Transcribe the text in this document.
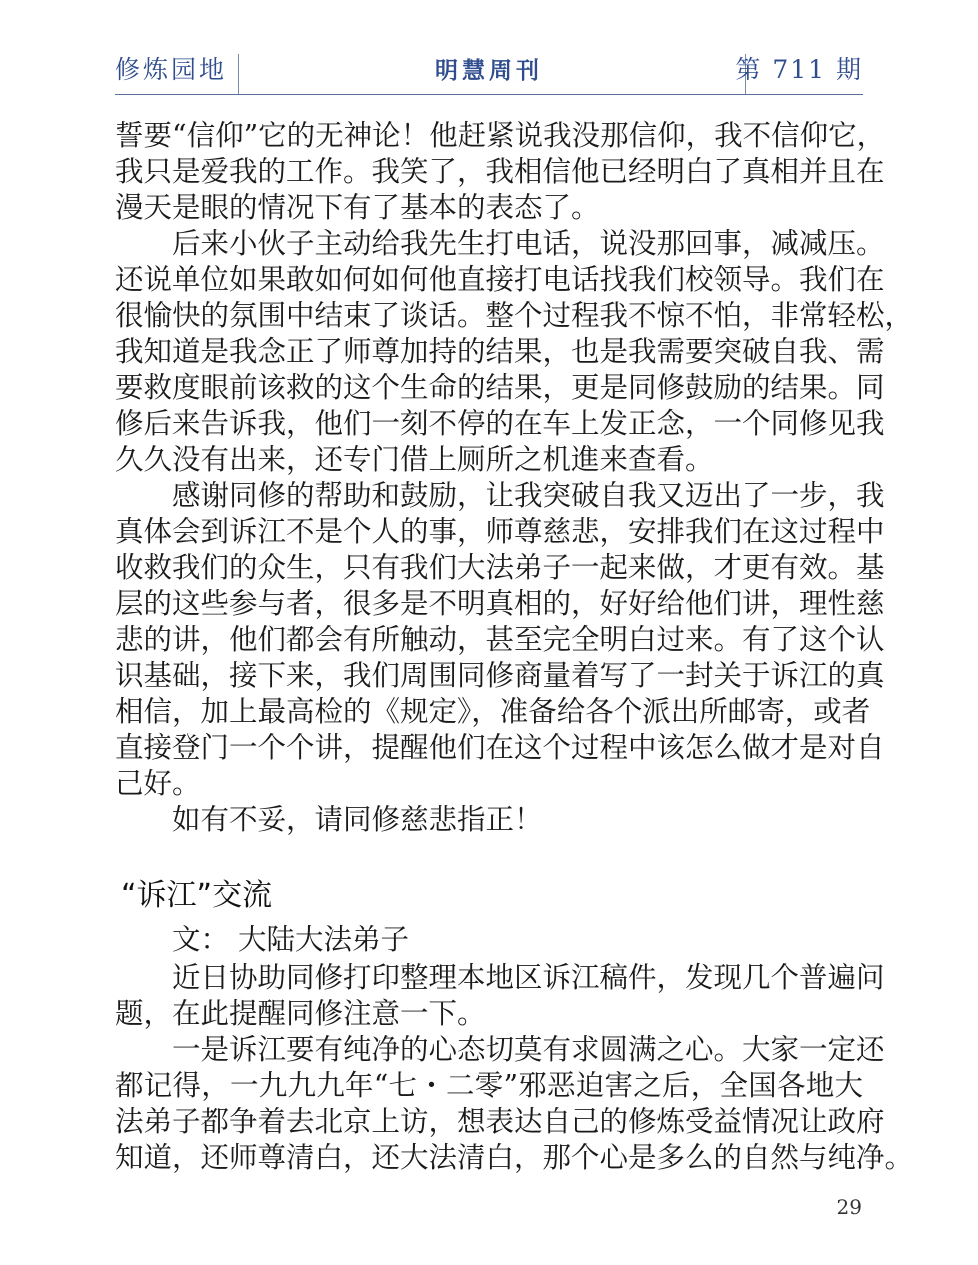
修炼园地	明慧周刊	第 711 期
誓要“信仰”它的无神论！他赶紧说我没那信仰，我不信仰它，
我只是爱我的工作。我笑了，我相信他已经明白了真相并且在
漫天是眼的情况下有了基本的表态了。
后来小伙子主动给我先生打电话，说没那回事，减减压。
还说单位如果敢如何如何他直接打电话找我们校领导。我们在
很愉快的氛围中结束了谈话。整个过程我不惊不怕，非常轻松，
我知道是我念正了师尊加持的结果，也是我需要突破自我、需
要救度眼前该救的这个生命的结果，更是同修鼓励的结果。同
修后来告诉我，他们一刻不停的在车上发正念，一个同修见我
久久没有出来，还专门借上厕所之机進来查看。
感谢同修的帮助和鼓励，让我突破自我又迈出了一步，我
真体会到诉江不是个人的事，师尊慈悲，安排我们在这过程中
收救我们的众生，只有我们大法弟子一起来做，才更有效。基
层的这些参与者，很多是不明真相的，好好给他们讲，理性慈
悲的讲，他们都会有所触动，甚至完全明白过来。有了这个认
识基础，接下来，我们周围同修商量着写了一封关于诉江的真
相信，加上最高检的《规定》，准备给各个派出所邮寄，或者
直接登门一个个讲，提醒他们在这个过程中该怎么做才是对自
己好。
如有不妥，请同修慈悲指正！
“诉江”交流
文： 大陆大法弟子
近日协助同修打印整理本地区诉江稿件，发现几个普遍问
题，在此提醒同修注意一下。
一是诉江要有纯净的心态切莫有求圆满之心。大家一定还
都记得，一九九九年“七・二零”邪恶迫害之后，全国各地大
法弟子都争着去北京上访，想表达自己的修炼受益情况让政府
知道，还师尊清白，还大法清白，那个心是多么的自然与纯净。
29
